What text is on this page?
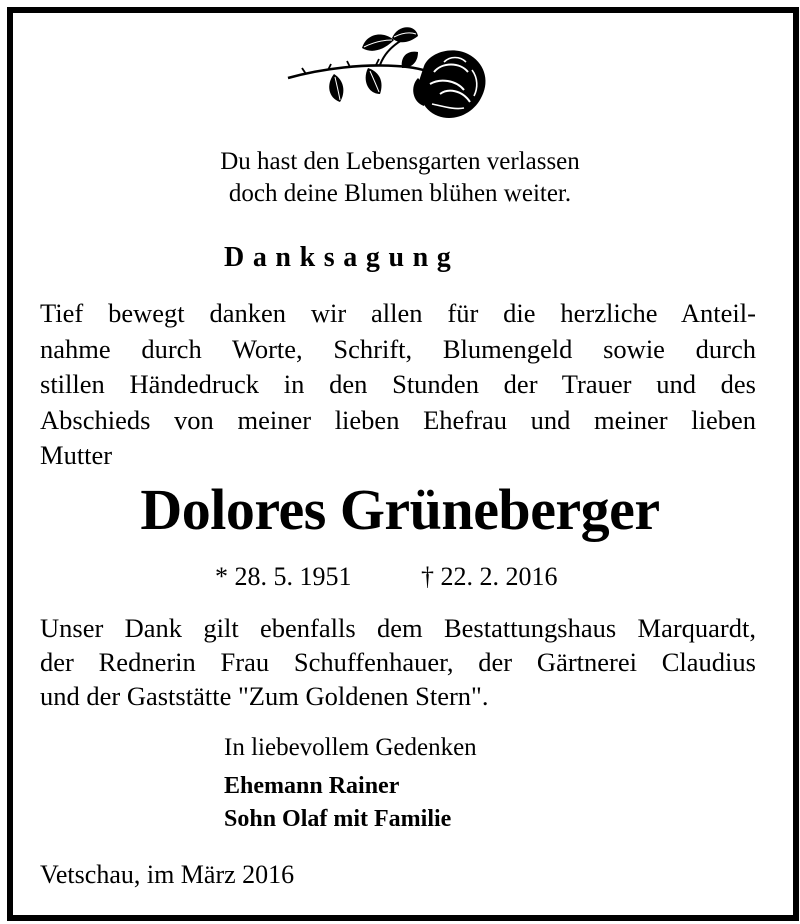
Du hast den Lebensgarten verlassen
doch deine Blumen blühen weiter.
Danksagung
Tief bewegt danken wir allen für die herzliche Anteil-
nahme durch Worte, Schrift, Blumengeld sowie durch
stillen Händedruck in den Stunden der Trauer und des
Abschieds von meiner lieben Ehefrau und meiner lieben
Mutter
Dolores Grüneberger
* 28. 5. 1951	† 22. 2. 2016
Unser Dank gilt ebenfalls dem Bestattungshaus Marquardt,
der Rednerin Frau Schuffenhauer, der Gärtnerei Claudius
und der Gaststätte "Zum Goldenen Stern".
In liebevollem Gedenken
Ehemann Rainer
Sohn Olaf mit Familie
Vetschau, im März 2016
